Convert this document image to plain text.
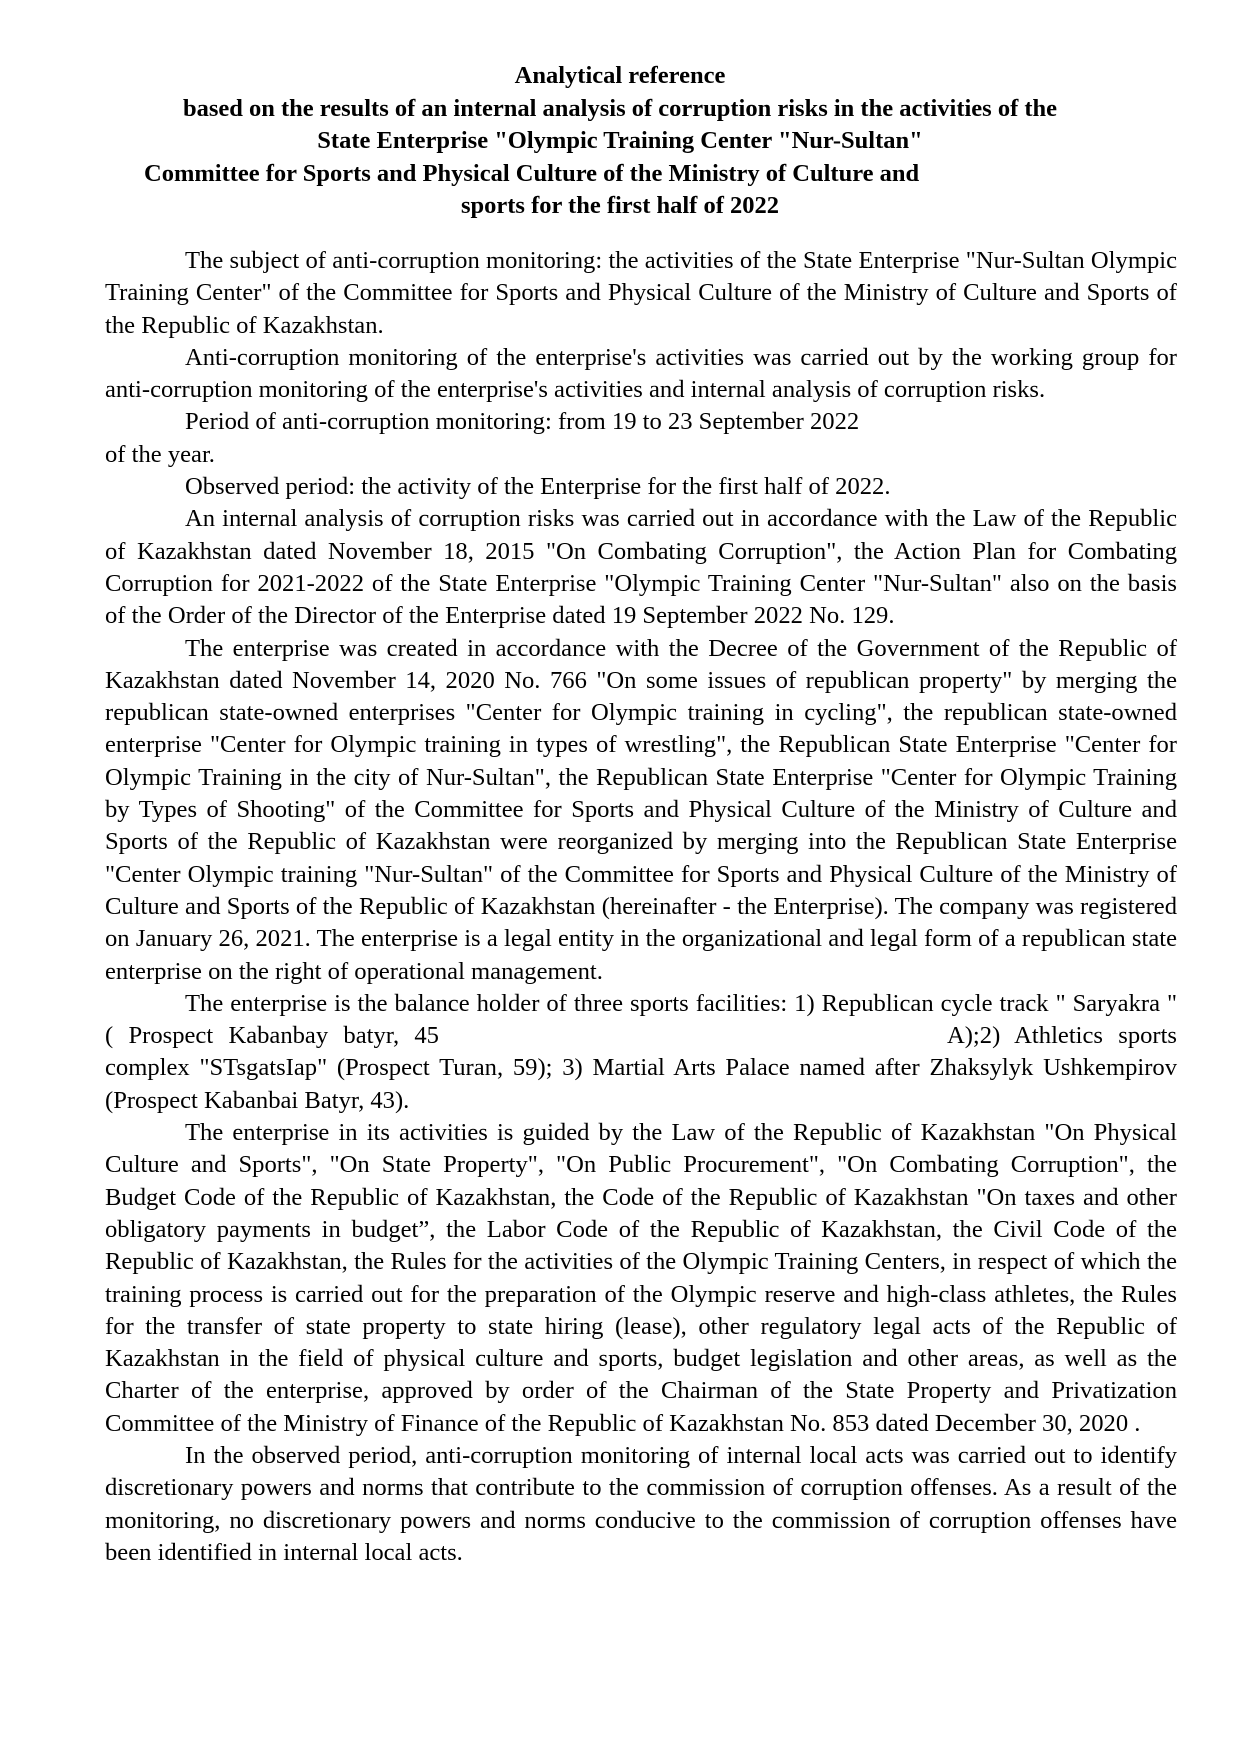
Analytical reference
based on the results of an internal analysis of corruption risks in the activities of the
State Enterprise "Olympic Training Center "Nur-Sultan"
Committee for Sports and Physical Culture of the Ministry of Culture and
sports for the first half of 2022

The subject of anti-corruption monitoring: the activities of the State Enterprise "Nur-Sultan Olympic Training Center" of the Committee for Sports and Physical Culture of the Ministry of Culture and Sports of the Republic of Kazakhstan.

Anti-corruption monitoring of the enterprise's activities was carried out by the working group for anti-corruption monitoring of the enterprise's activities and internal analysis of corruption risks.

Period of anti-corruption monitoring: from 19 to 23 September 2022

of the year.

Observed period: the activity of the Enterprise for the first half of 2022.

An internal analysis of corruption risks was carried out in accordance with the Law of the Republic of Kazakhstan dated November 18, 2015 "On Combating Corruption", the Action Plan for Combating Corruption for 2021-2022 of the State Enterprise "Olympic Training Center "Nur-Sultan" also on the basis of the Order of the Director of the Enterprise dated 19 September 2022 No. 129.

The enterprise was created in accordance with the Decree of the Government of the Republic of Kazakhstan dated November 14, 2020 No. 766 "On some issues of republican property" by merging the republican state-owned enterprises "Center for Olympic training in cycling", the republican state-owned enterprise "Center for Olympic training in types of wrestling", the Republican State Enterprise "Center for Olympic Training in the city of Nur-Sultan", the Republican State Enterprise "Center for Olympic Training by Types of Shooting" of the Committee for Sports and Physical Culture of the Ministry of Culture and Sports of the Republic of Kazakhstan were reorganized by merging into the Republican State Enterprise "Center Olympic training "Nur-Sultan" of the Committee for Sports and Physical Culture of the Ministry of Culture and Sports of the Republic of Kazakhstan (hereinafter - the Enterprise). The company was registered on January 26, 2021. The enterprise is a legal entity in the organizational and legal form of a republican state enterprise on the right of operational management.

The enterprise is the balance holder of three sports facilities: 1) Republican cycle track " Saryakra " ( Prospect Kabanbay batyr, 45	A);2) Athletics sports complex "STsgatsIap" (Prospect Turan, 59); 3) Martial Arts Palace named after Zhaksylyk Ushkempirov (Prospect Kabanbai Batyr, 43).

The enterprise in its activities is guided by the Law of the Republic of Kazakhstan "On Physical Culture and Sports", "On State Property", "On Public Procurement", "On Combating Corruption", the Budget Code of the Republic of Kazakhstan, the Code of the Republic of Kazakhstan "On taxes and other obligatory payments in budget”, the Labor Code of the Republic of Kazakhstan, the Civil Code of the Republic of Kazakhstan, the Rules for the activities of the Olympic Training Centers, in respect of which the training process is carried out for the preparation of the Olympic reserve and high-class athletes, the Rules for the transfer of state property to state hiring (lease), other regulatory legal acts of the Republic of Kazakhstan in the field of physical culture and sports, budget legislation and other areas, as well as the Charter of the enterprise, approved by order of the Chairman of the State Property and Privatization Committee of the Ministry of Finance of the Republic of Kazakhstan No. 853 dated December 30, 2020 .

In the observed period, anti-corruption monitoring of internal local acts was carried out to identify discretionary powers and norms that contribute to the commission of corruption offenses. As a result of the monitoring, no discretionary powers and norms conducive to the commission of corruption offenses have been identified in internal local acts.
